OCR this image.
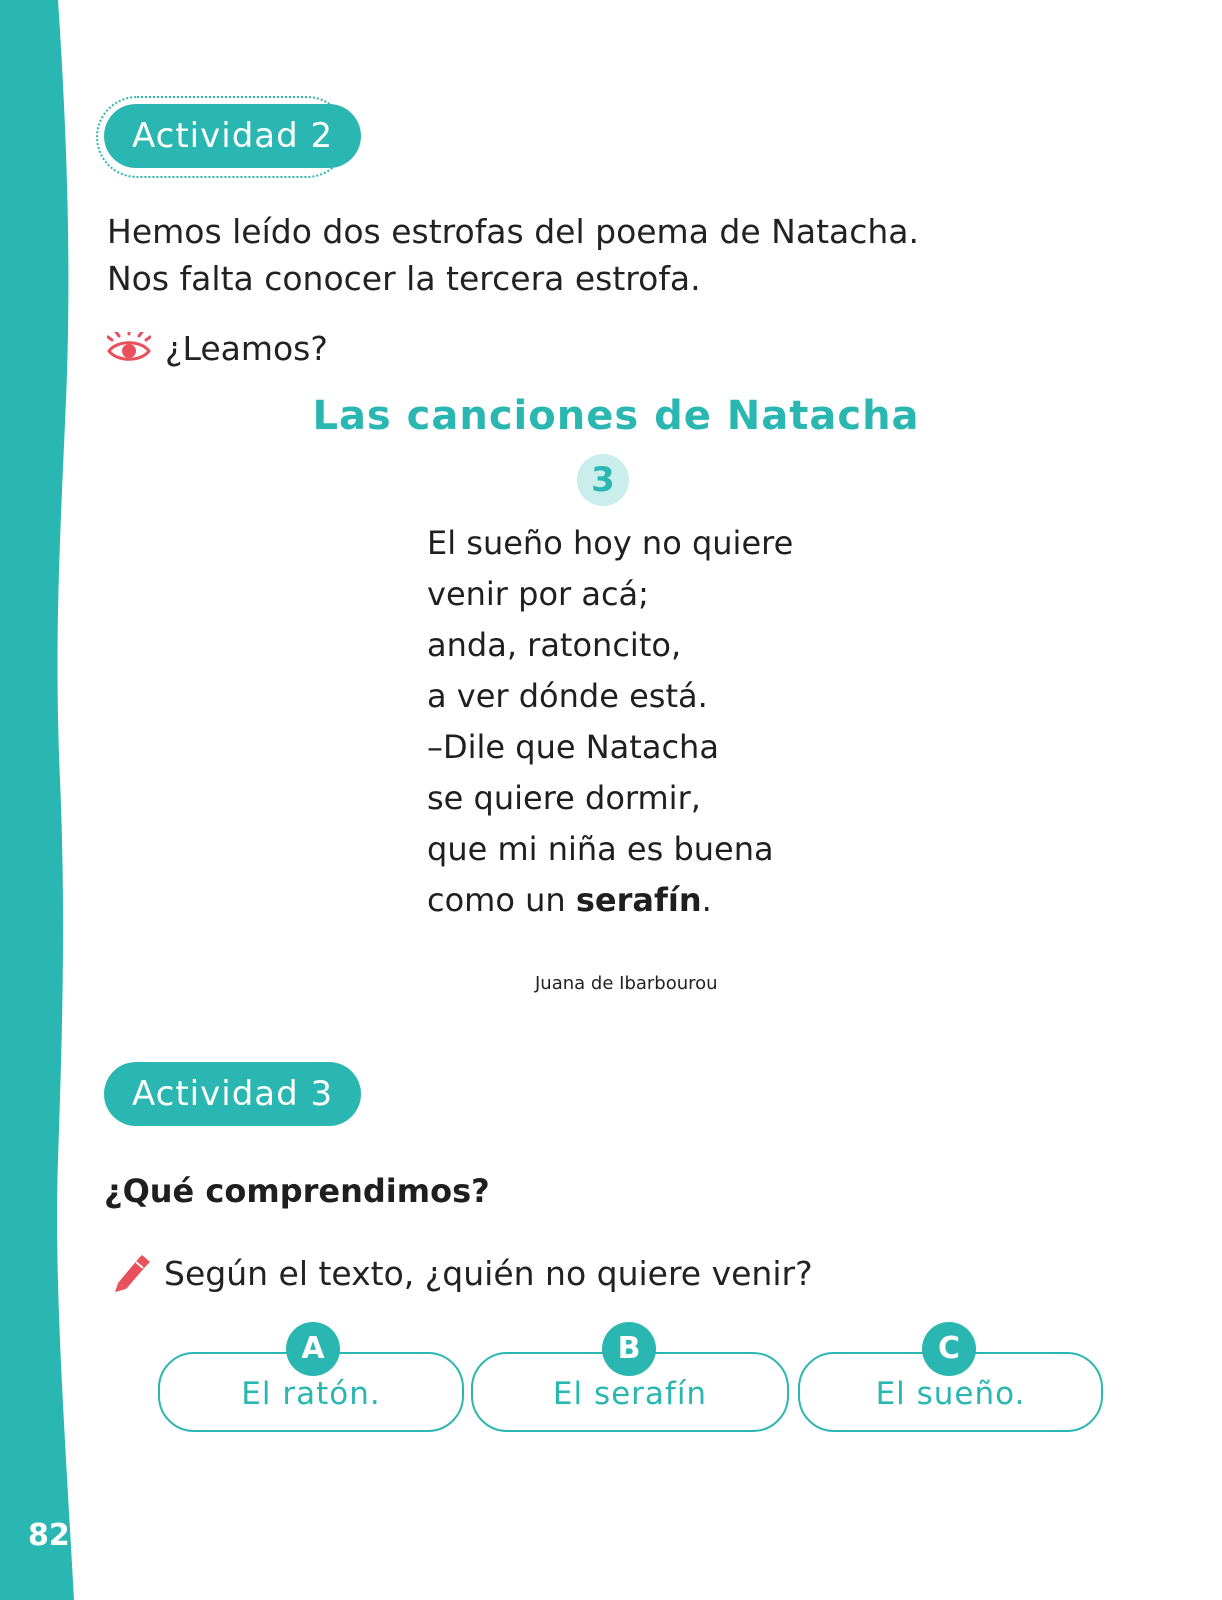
82
Actividad 2
Hemos leído dos estrofas del poema de Natacha.
Nos falta conocer la tercera estrofa.
¿Leamos?
Las canciones de Natacha
3
El sueño hoy no quiere
venir por acá;
anda, ratoncito,
a ver dónde está.
–Dile que Natacha
se quiere dormir,
que mi niña es buena
como un serafín.
Juana de Ibarbourou
Actividad 3
¿Qué comprendimos?
Según el texto, ¿quién no quiere venir?
A
El ratón.
B
El serafín
C
El sueño.
